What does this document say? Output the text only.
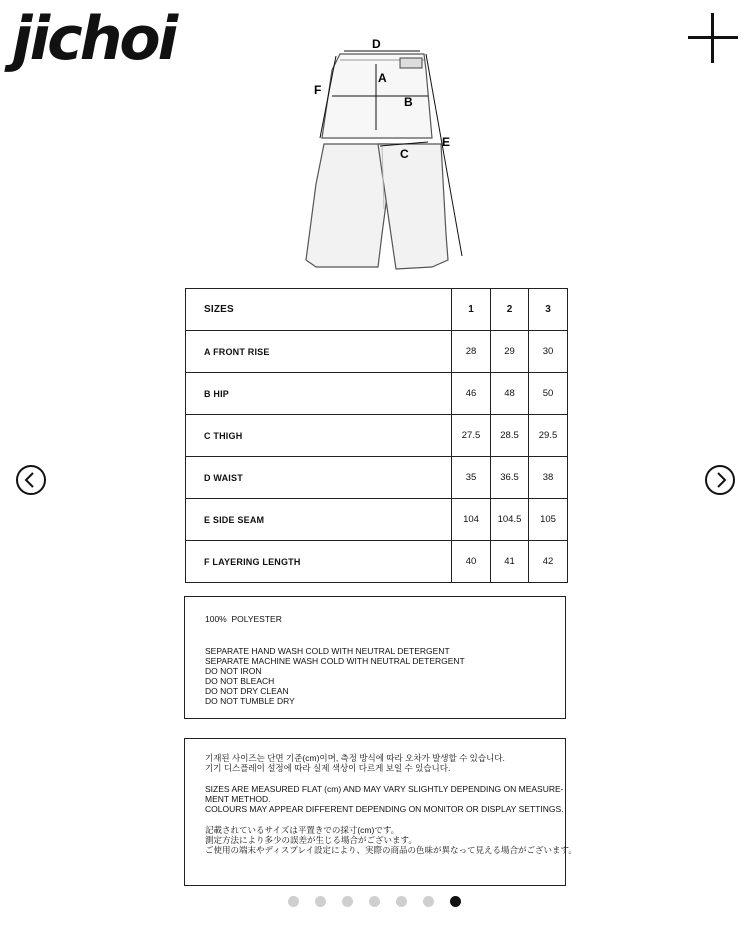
jichoi	D
A
B
C
E
F
SIZES	1	2	3
A FRONT RISE	28	29	30
B HIP	46	48	50
C THIGH	27.5	28.5	29.5
D WAIST	35	36.5	38
E SIDE SEAM	104	104.5	105
F LAYERING LENGTH	40	41	42
100%  POLYESTER
SEPARATE HAND WASH COLD WITH NEUTRAL DETERGENT
SEPARATE MACHINE WASH COLD WITH NEUTRAL DETERGENT
DO NOT IRON
DO NOT BLEACH
DO NOT DRY CLEAN
DO NOT TUMBLE DRY
기재된 사이즈는 단면 기준(cm)이며, 측정 방식에 따라 오차가 발생할 수 있습니다.
기기 디스플레이 설정에 따라 실제 색상이 다르게 보일 수 있습니다.
SIZES ARE MEASURED FLAT (cm) AND MAY VARY SLIGHTLY DEPENDING ON MEASURE-
MENT METHOD.
COLOURS MAY APPEAR DIFFERENT DEPENDING ON MONITOR OR DISPLAY SETTINGS.
記載されているサイズは平置きでの採寸(cm)です。
測定方法により多少の誤差が生じる場合がございます。
ご使用の端末やディスプレイ設定により、実際の商品の色味が異なって見える場合がございます。
